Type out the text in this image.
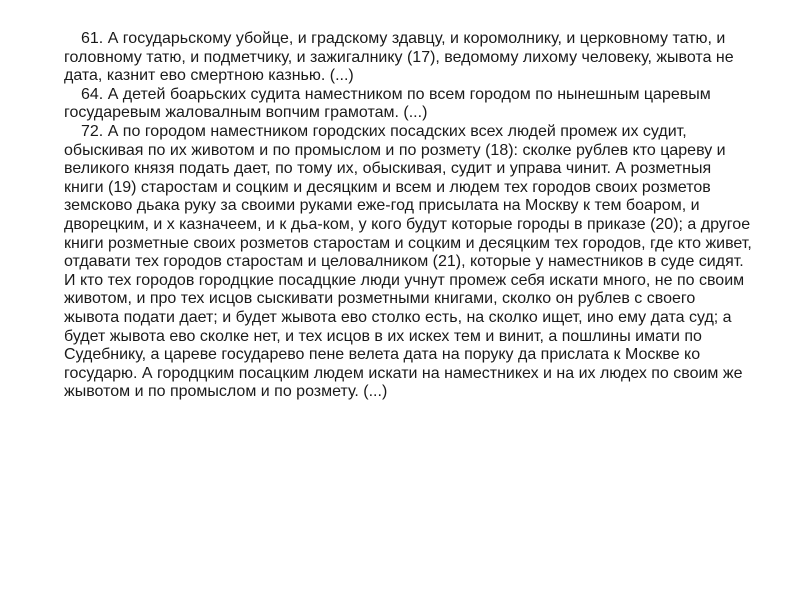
61. А государьскому убойце, и градскому здавцу, и коромолнику, и церковному татю, и головному татю, и подметчику, и зажигалнику (17), ведомому лихому человеку, жывота не дата, казнит ево смертною казнью. (...)

64. А детей боарьских судита наместником по всем городом по нынешным царевым государевым жаловалным вопчим грамотам. (...)

72. А по городом наместником городских посадских всех людей промеж их судит, обыскивая по их животом и по промыслом и по розмету (18): сколке рублев кто цареву и великого князя подать дает, по тому их, обыскивая, судит и управа чинит. А розметныя книги (19) старостам и соцким и десяцким и всем и людем тех городов своих розметов земсково дьака руку за своими руками еже-год присылата на Москву к тем боаром, и дворецким, и х казначеем, и к дьа-ком, у кого будут которые городы в приказе (20); а другое книги розметные своих розметов старостам и соцким и десяцким тех городов, где кто живет, отдавати тех городов старостам и целовалником (21), которые у наместников в суде сидят. И кто тех городов городцкие посадцкие люди учнут промеж себя искати много, не по своим животом, и про тех исцов сыскивати розметными книгами, сколко он рублев с своего жывота подати дает; и будет жывота ево столко есть, на сколко ищет, ино ему дата суд; а будет жывота ево сколке нет, и тех исцов в их искех тем и винит, а пошлины имати по Судебнику, а цареве государево пене велета дата на поруку да прислата к Москве ко государю. А городцким посацким людем искати на наместникех и на их людех по своим же жывотом и по промыслом и по розмету. (...)
